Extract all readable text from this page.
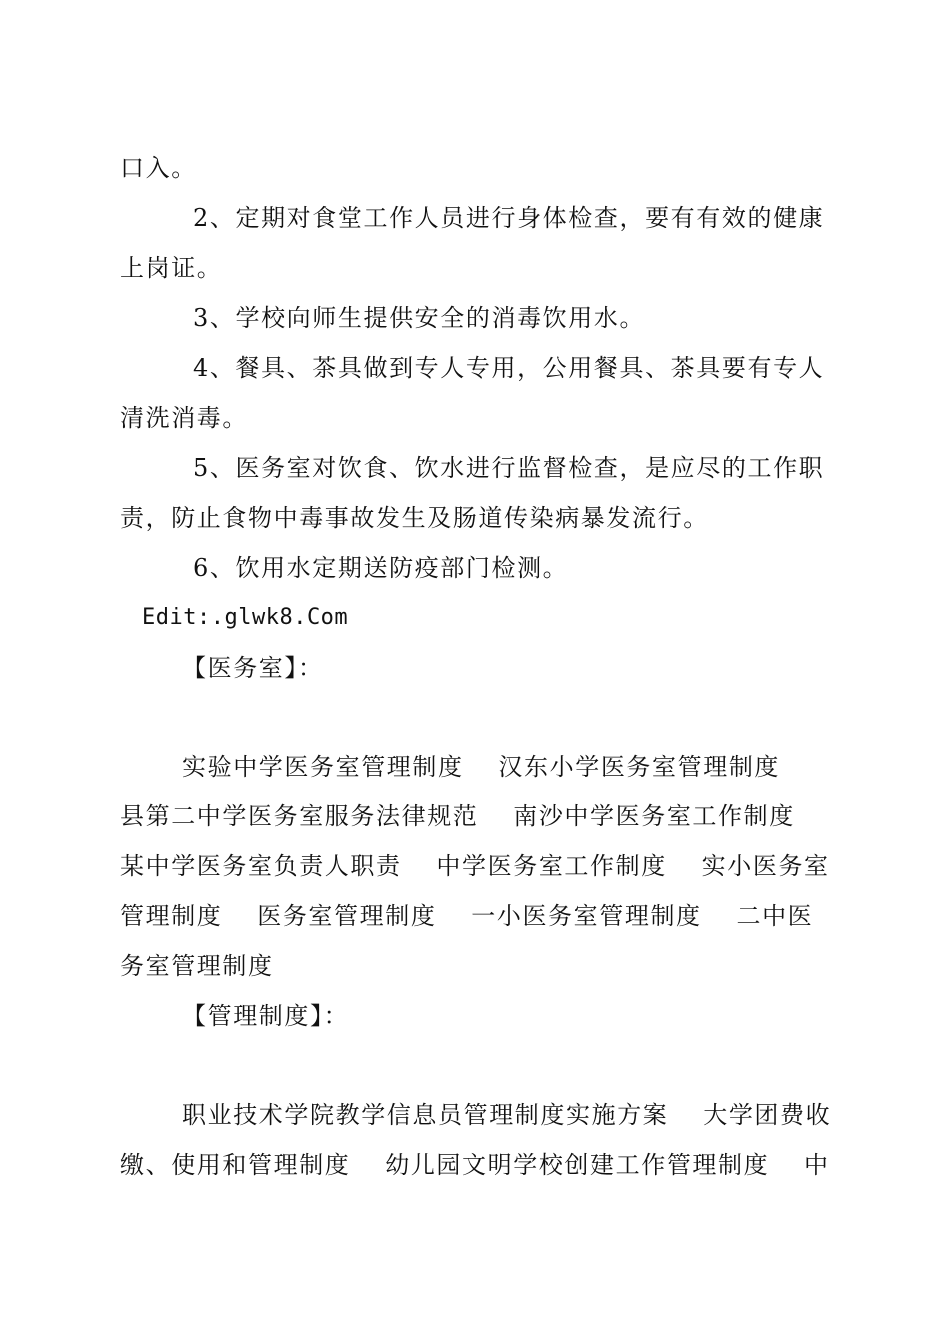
口入。
2、定期对食堂工作人员进行身体检查，要有有效的健康
上岗证。
3、学校向师生提供安全的消毒饮用水。
4、餐具、茶具做到专人专用，公用餐具、茶具要有专人
清洗消毒。
5、医务室对饮食、饮水进行监督检查，是应尽的工作职
责，防止食物中毒事故发生及肠道传染病暴发流行。
6、饮用水定期送防疫部门检测。
Edit:.glwk8.Com
【医务室】：
实验中学医务室管理制度　 汉东小学医务室管理制度
县第二中学医务室服务法律规范　 南沙中学医务室工作制度
某中学医务室负责人职责　 中学医务室工作制度　 实小医务室
管理制度　 医务室管理制度　 一小医务室管理制度　 二中医
务室管理制度
【管理制度】：
职业技术学院教学信息员管理制度实施方案　 大学团费收
缴、使用和管理制度　 幼儿园文明学校创建工作管理制度　 中
